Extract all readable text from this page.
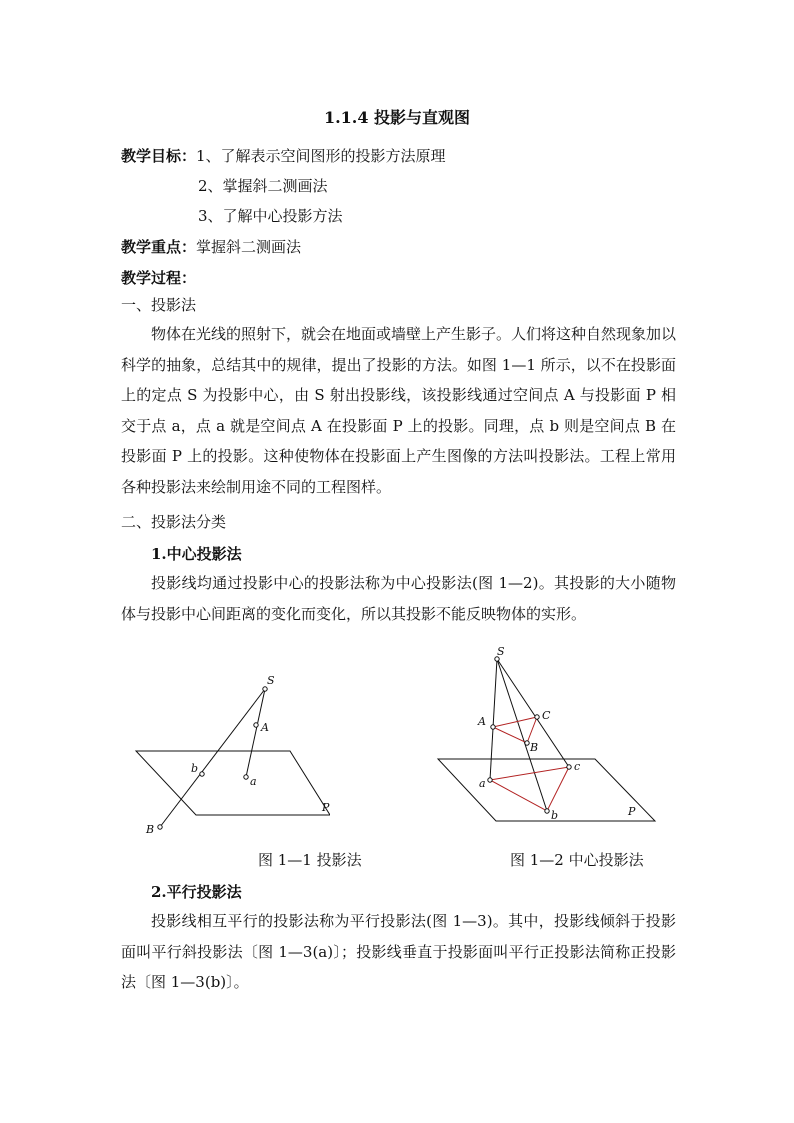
1.1.4 投影与直观图
教学目标：1、了解表示空间图形的投影方法原理
2、掌握斜二测画法
3、了解中心投影方法
教学重点：掌握斜二测画法
教学过程：
一、投影法
物体在光线的照射下，就会在地面或墙壁上产生影子。人们将这种自然现象加以科学的抽象，总结其中的规律，提出了投影的方法。如图 1—1 所示，以不在投影面上的定点 S 为投影中心，由 S 射出投影线，该投影线通过空间点 A 与投影面 P 相交于点 a，点 a 就是空间点 A 在投影面 P 上的投影。同理，点 b 则是空间点 B 在投影面 P 上的投影。这种使物体在投影面上产生图像的方法叫投影法。工程上常用各种投影法来绘制用途不同的工程图样。
二、投影法分类
1.中心投影法
投影线均通过投影中心的投影法称为中心投影法(图 1—2)。其投影的大小随物体与投影中心间距离的变化而变化，所以其投影不能反映物体的实形。
S
A
a
b
B
P
图 1—1 投影法
S
A	C
B
a
c
b	P
图 1—2 中心投影法
2.平行投影法
投影线相互平行的投影法称为平行投影法(图 1—3)。其中，投影线倾斜于投影面叫平行斜投影法〔图 1—3(a)〕；投影线垂直于投影面叫平行正投影法简称正投影法〔图 1—3(b)〕。
